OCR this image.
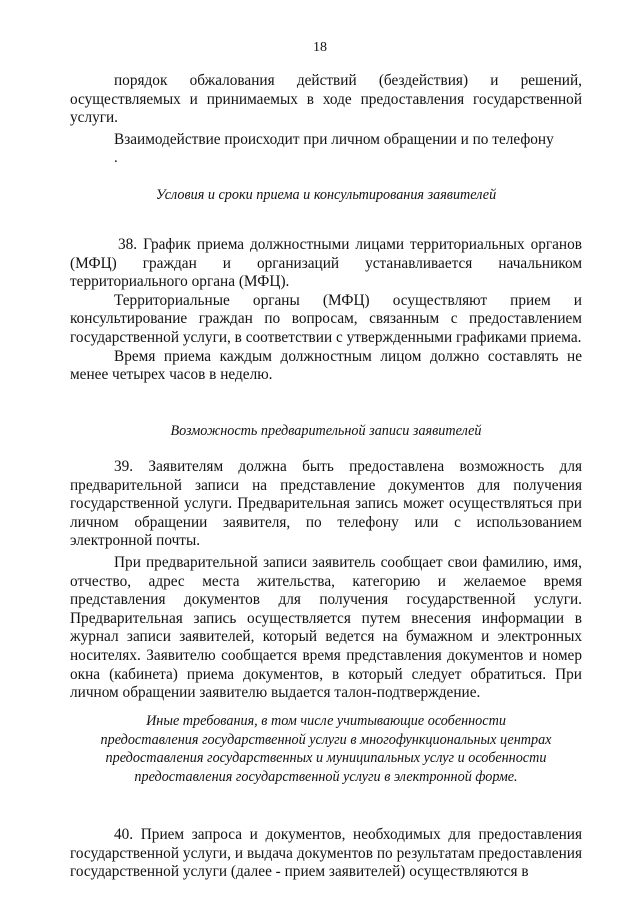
18

порядок обжалования действий (бездействия) и решений, осуществляемых и принимаемых в ходе предоставления государственной услуги.

Взаимодействие происходит при личном обращении и по телефону

.
Условия и сроки приема и консультирования заявителей

38. График приема должностными лицами территориальных органов (МФЦ) граждан и организаций устанавливается начальником территориального органа (МФЦ).

Территориальные органы (МФЦ) осуществляют прием и консультирование граждан по вопросам, связанным с предоставлением государственной услуги, в соответствии с утвержденными графиками приема.

Время приема каждым должностным лицом должно составлять не менее четырех часов в неделю.

Возможность предварительной записи заявителей

39. Заявителям должна быть предоставлена возможность для предварительной записи на представление документов для получения государственной услуги. Предварительная запись может осуществляться при личном обращении заявителя, по телефону или с использованием электронной почты.

При предварительной записи заявитель сообщает свои фамилию, имя, отчество, адрес места жительства, категорию и желаемое время представления документов для получения государственной услуги. Предварительная запись осуществляется путем внесения информации в журнал записи заявителей, который ведется на бумажном и электронных носителях. Заявителю сообщается время представления документов и номер окна (кабинета) приема документов, в который следует обратиться. При личном обращении заявителю выдается талон-подтверждение.

Иные требования, в том числе учитывающие особенности
предоставления государственной услуги в многофункциональных центрах
предоставления государственных и муниципальных услуг и особенности
предоставления государственной услуги в электронной форме.

40. Прием запроса и документов, необходимых для предоставления государственной услуги, и выдача документов по результатам предоставления государственной услуги (далее - прием заявителей) осуществляются в
